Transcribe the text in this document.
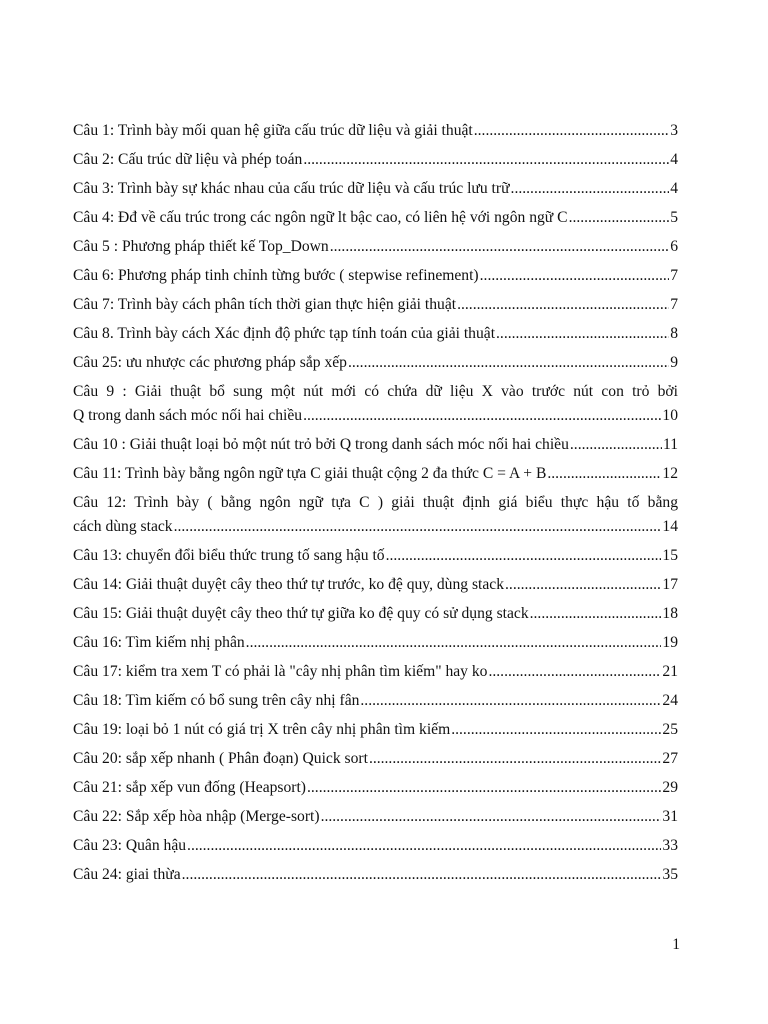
Câu 1: Trình bày mối quan hệ giữa cấu trúc dữ liệu và giải thuật .....	3
Câu 2: Cấu trúc dữ liệu và phép toán .....	4
Câu 3: Trình bày sự khác nhau của cấu trúc dữ liệu và cấu trúc lưu trữ .....	4
Câu 4: Đđ về cấu trúc trong các ngôn ngữ lt bậc cao, có liên hệ với ngôn ngữ C .....	5
Câu 5 : Phương pháp thiết kế Top_Down .....	6
Câu 6: Phương pháp tinh chỉnh từng bước ( stepwise refinement) .....	7
Câu 7: Trình bày cách phân tích thời gian thực hiện giải thuật .....	7
Câu 8. Trình bày cách Xác định độ phức tạp tính toán của giải thuật .....	8
Câu 25: ưu nhược các phương pháp sắp xếp .....	9
Câu 9 : Giải thuật bổ sung một nút mới có chứa dữ liệu X vào trước nút con trỏ bởi
Q trong danh sách móc nối hai chiều .....	10
Câu 10 : Giải thuật loại bỏ một nút trỏ bởi Q trong danh sách móc nối hai chiều .....	11
Câu 11: Trình bày bằng ngôn ngữ tựa C giải thuật cộng 2 đa thức C = A + B .....	12
Câu 12: Trình bày ( bằng ngôn ngữ tựa C ) giải thuật định giá biểu thực hậu tố bằng
cách dùng stack .....	14
Câu 13: chuyển đổi biểu thức trung tố sang hậu tố .....	15
Câu 14: Giải thuật duyệt cây theo thứ tự trước, ko đệ quy, dùng stack .....	17
Câu 15: Giải thuật duyệt cây theo thứ tự giữa ko đệ quy có sử dụng stack .....	18
Câu 16: Tìm kiếm nhị phân .....	19
Câu 17: kiểm tra xem T có phải là "cây nhị phân tìm kiếm" hay ko .....	21
Câu 18: Tìm kiếm có bổ sung trên cây nhị fân .....	24
Câu 19: loại bỏ 1 nút có giá trị X trên cây nhị phân tìm kiếm .....	25
Câu 20: sắp xếp nhanh ( Phân đoạn) Quick sort .....	27
Câu 21: sắp xếp vun đống (Heapsort) .....	29
Câu 22: Sắp xếp hòa nhập (Merge-sort) .....	31
Câu 23: Quân hậu .....	33
Câu 24: giai thừa .....	35
1
